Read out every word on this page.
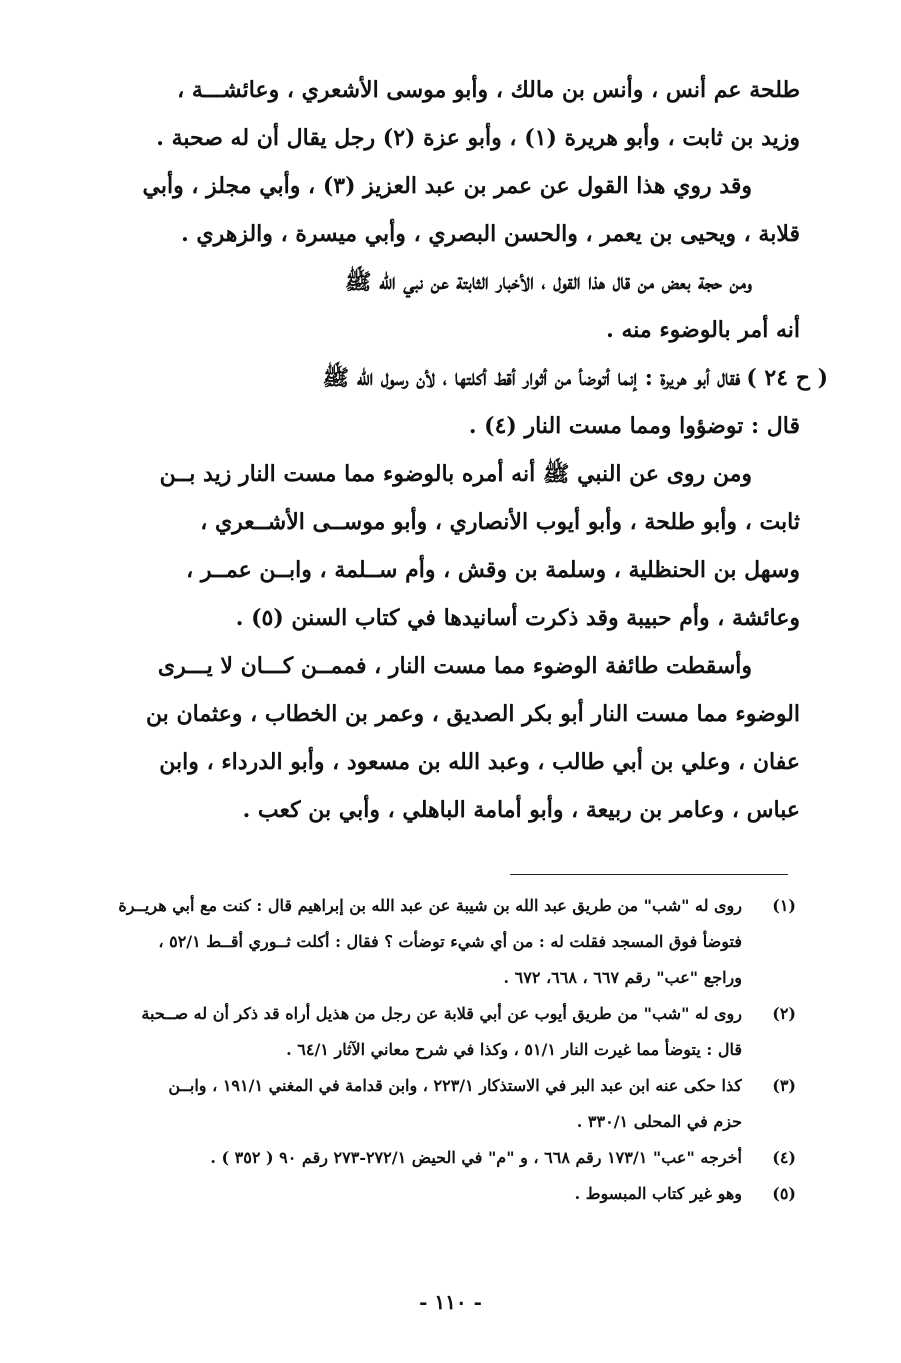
طلحة عم أنس ، وأنس بن مالك ، وأبو موسى الأشعري ، وعائشـــة ،
وزيد بن ثابت ، وأبو هريرة (١) ، وأبو عزة (٢) رجل يقال أن له صحبة .
وقد روي هذا القول عن عمر بن عبد العزيز (٣) ، وأبي مجلز ، وأبي
قلابة ، ويحيى بن يعمر ، والحسن البصري ، وأبي ميسرة ، والزهري .
ومن حجة بعض من قال هذا القول ، الأخبار الثابتة عن نبي الله ﷺ
أنه أمر بالوضوء منه .
( ح ٢٤ )فقال أبو هريرة : إنما أتوضأ من أثوار أقط أكلتها ، لأن رسول الله ﷺ
قال : توضؤوا ومما مست النار (٤) .
ومن روى عن النبي ﷺ أنه أمره بالوضوء مما مست النار زيد بــن
ثابت ، وأبو طلحة ، وأبو أيوب الأنصاري ، وأبو موســى الأشــعري ،
وسهل بن الحنظلية ، وسلمة بن وقش ، وأم ســلمة ، وابــن عمــر ،
وعائشة ، وأم حبيبة وقد ذكرت أسانيدها في كتاب السنن (٥) .
وأسقطت طائفة الوضوء مما مست النار ، فممــن كـــان لا يـــرى
الوضوء مما مست النار أبو بكر الصديق ، وعمر بن الخطاب ، وعثمان بن
عفان ، وعلي بن أبي طالب ، وعبد الله بن مسعود ، وأبو الدرداء ، وابن
عباس ، وعامر بن ربيعة ، وأبو أمامة الباهلي ، وأبي بن كعب .
(١)
روى له "شب" من طريق عبد الله بن شيبة عن عبد الله بن إبراهيم قال : كنت مع أبي هريــرة
فتوضأ فوق المسجد فقلت له : من أي شيء توضأت ؟ فقال : أكلت ثــوري أقــط ٥٢/١ ،
وراجع "عب" رقم ٦٦٧ ، ٦٦٨، ٦٧٢ .
(٢)
روى له "شب" من طريق أيوب عن أبي قلابة عن رجل من هذيل أراه قد ذكر أن له صــحبة
قال : يتوضأ مما غيرت النار ٥١/١ ، وكذا في شرح معاني الآثار ٦٤/١ .
(٣)
كذا حكى عنه ابن عبد البر في الاستذكار ٢٢٣/١ ، وابن قدامة في المغني ١٩١/١ ، وابــن
حزم في المحلى ٣٣٠/١ .
(٤)
أخرجه "عب" ١٧٣/١ رقم ٦٦٨ ، و "م" في الحيض ٢٧٢/١-٢٧٣ رقم ٩٠ ( ٣٥٢ ) .
(٥)
وهو غير كتاب المبسوط .
- ١١٠ -
